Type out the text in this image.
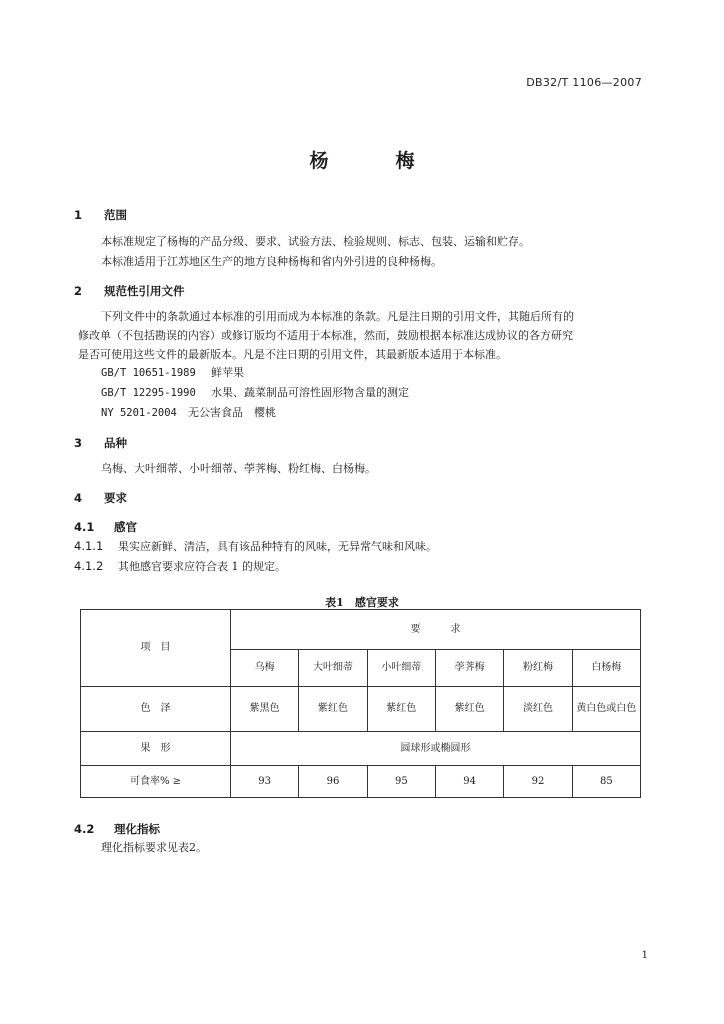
DB32/T 1106—2007
杨　梅
1 范围
本标准规定了杨梅的产品分级、要求、试验方法、检验规则、标志、包装、运输和贮存。
本标准适用于江苏地区生产的地方良种杨梅和省内外引进的良种杨梅。
2 规范性引用文件
下列文件中的条款通过本标准的引用而成为本标准的条款。凡是注日期的引用文件，其随后所有的
修改单（不包括勘误的内容）或修订版均不适用于本标准，然而，鼓励根据本标准达成协议的各方研究
是否可使用这些文件的最新版本。凡是不注日期的引用文件，其最新版本适用于本标准。
GB/T 10651-1989 鲜苹果
GB/T 12295-1990 水果、蔬菜制品可溶性固形物含量的测定
NY 5201-2004 无公害食品　樱桃
3 品种
乌梅、大叶细蒂、小叶细蒂、荸荠梅、粉红梅、白杨梅。
4 要求
4.1 感官
4.1.1 果实应新鲜、清洁，具有该品种特有的风味，无异常气味和风味。
4.1.2 其他感官要求应符合表 1 的规定。
表1　感官要求
项　目	要　　　求					
	乌梅	大叶细蒂	小叶细蒂	荸荠梅	粉红梅	白杨梅
色　泽	紫黑色	紫红色	紫红色	紫红色	淡红色	黄白色或白色
果　形	圆球形或椭圆形					
可食率% ≥	93	96	95	94	92	85
4.2 理化指标
理化指标要求见表2。
1
